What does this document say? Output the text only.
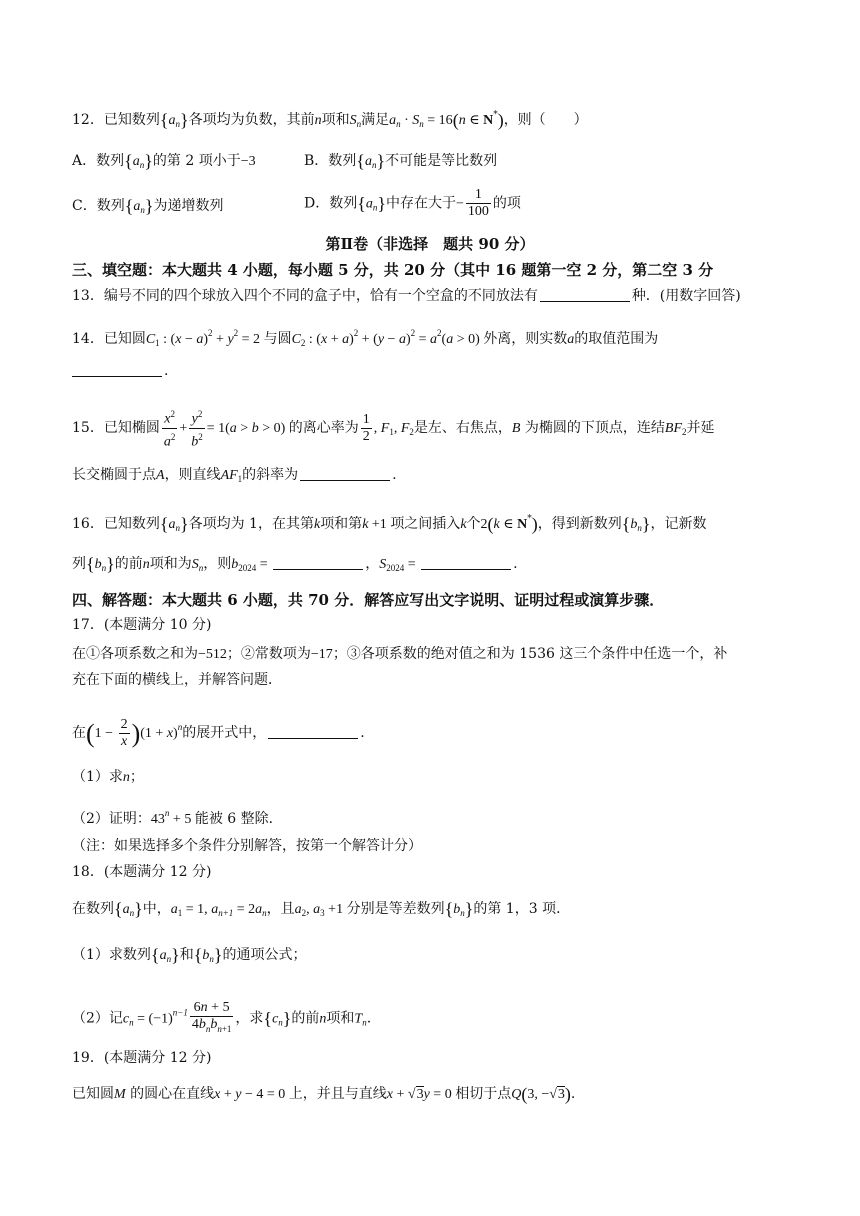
12．已知数列$\{a_n\}$各项均为负数，其前n项和$S_n$满足$a_n \cdot S_n = 16(n$ ∈ N*)，则（　　）
A．数列$\{a_n\}$的第 2 项小于−3	B．数列$\{a_n\}$不可能是等比数列
C．数列$\{a_n\}$为递增数列	D．数列$\{a_n\}$中存在大于− $\frac{1}{100}$ 的项
第Ⅱ卷（非选择　题共 90 分）
三、填空题：本大题共 4 小题，每小题 5 分，共 20 分（其中 16 题第一空 2 分，第二空 3 分
13．编号不同的四个球放入四个不同的盒子中，恰有一个空盒的不同放法有	种．(用数字回答)
14．已知圆$C_1$ : $(x - a)^2 + y^2 = 2$ 与圆$C_2$ : $(x + a)^2 + (y - a)^2 = a^2(a > 0)$ 外离，则实数a的取值范围为
.
15．已知椭圆 $\frac{x^2}{a^2} + \frac{y^2}{b^2} = 1(a > b > 0)$ 的离心率为 $\frac{1}{2}$ , $F_1$, $F_2$是左、右焦点，B 为椭圆的下顶点，连结$BF_2$并延
长交椭圆于点A，则直线$AF_1$的斜率为	.
16．已知数列$\{a_n\}$各项均为 1，在其第k项和第k +1 项之间插入k个2(k ∈ N*)，得到新数列$\{b_n\}$，记新数
列$\{b_n\}$的前n项和为$S_n$，则$b_{2024}$ =	，$S_{2024}$ =	.
四、解答题：本大题共 6 小题，共 70 分．解答应写出文字说明、证明过程或演算步骤．
17．(本题满分 10 分)
在①各项系数之和为−512；②常数项为−17；③各项系数的绝对值之和为 1536 这三个条件中任选一个，补
充在下面的横线上，并解答问题．
在$(1 - \frac{2}{x} )(1 + x)^n$的展开式中，	.
（1）求n；
（2）证明：$43^n + 5$ 能被 6 整除．
（注：如果选择多个条件分别解答，按第一个解答计分）
18．(本题满分 12 分)
在数列$\{a_n\}$中，$a_1 = 1$, $a_{n+1} = 2a_n$，且$a_2$, $a_3 +1$ 分别是等差数列$\{b_n\}$的第 1，3 项．
（1）求数列$\{a_n\}$和$\{b_n\}$的通项公式；
（2）记$c_n = (-1)^{n-1} \frac{6n + 5}{4b_nb_{n+1}}$ ，求$\{c_n\}$的前n项和$T_n$.
19．(本题满分 12 分)
已知圆M 的圆心在直线x + y − 4 = 0 上，并且与直线x + √3y = 0 相切于点Q(3, −√3).
